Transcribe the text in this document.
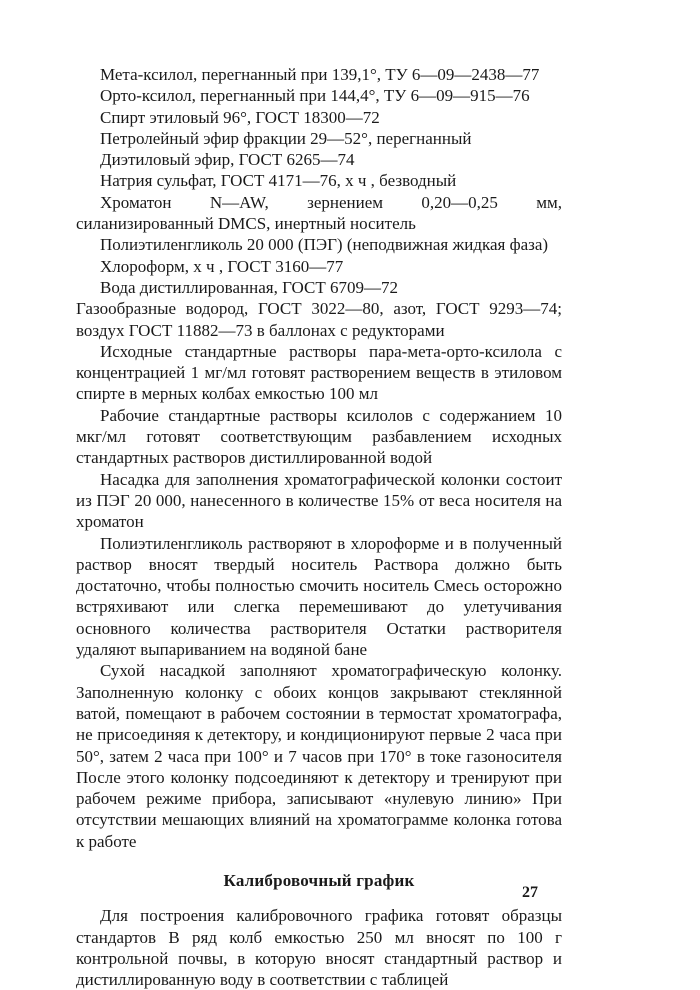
Мета-ксилол, перегнанный при 139,1°, ТУ 6—09—2438—77
Орто-ксилол, перегнанный при 144,4°, ТУ 6—09—915—76
Спирт этиловый 96°, ГОСТ 18300—72
Петролейный эфир фракции 29—52°, перегнанный
Диэтиловый эфир, ГОСТ 6265—74
Натрия сульфат, ГОСТ 4171—76, х ч , безводный

Хроматон N—AW, зернением 0,20—0,25 мм, силанизированный DMCS, инертный носитель

Полиэтиленгликоль 20 000 (ПЭГ) (неподвижная жидкая фаза)

Хлороформ, х ч , ГОСТ 3160—77
Вода дистиллированная, ГОСТ 6709—72

Газообразные водород, ГОСТ 3022—80, азот, ГОСТ 9293—74; воздух ГОСТ 11882—73 в баллонах с редукторами

Исходные стандартные растворы пара-мета-орто-ксилола с концентрацией 1 мг/мл готовят растворением веществ в этиловом спирте в мерных колбах емкостью 100 мл

Рабочие стандартные растворы ксилолов с содержанием 10 мкг/мл готовят соответствующим разбавлением исходных стандартных растворов дистиллированной водой

Насадка для заполнения хроматографической колонки состоит из ПЭГ 20 000, нанесенного в количестве 15% от веса носителя на хроматон

Полиэтиленгликоль растворяют в хлороформе и в полученный раствор вносят твердый носитель Раствора должно быть достаточно, чтобы полностью смочить носитель Смесь осторожно встряхивают или слегка перемешивают до улетучивания основного количества растворителя Остатки растворителя удаляют выпариванием на водяной бане

Сухой насадкой заполняют хроматографическую колонку. Заполненную колонку с обоих концов закрывают стеклянной ватой, помещают в рабочем состоянии в термостат хроматографа, не присоединяя к детектору, и кондиционируют первые 2 часа при 50°, затем 2 часа при 100° и 7 часов при 170° в токе газоносителя После этого колонку подсоединяют к детектору и тренируют при рабочем режиме прибора, записывают «нулевую линию» При отсутствии мешающих влияний на хроматограмме колонка готова к работе

Калибровочный график

Для построения калибровочного графика готовят образцы стандартов В ряд колб емкостью 250 мл вносят по 100 г контрольной почвы, в которую вносят стандартный раствор и дистиллированную воду в соответствии с таблицей

27
